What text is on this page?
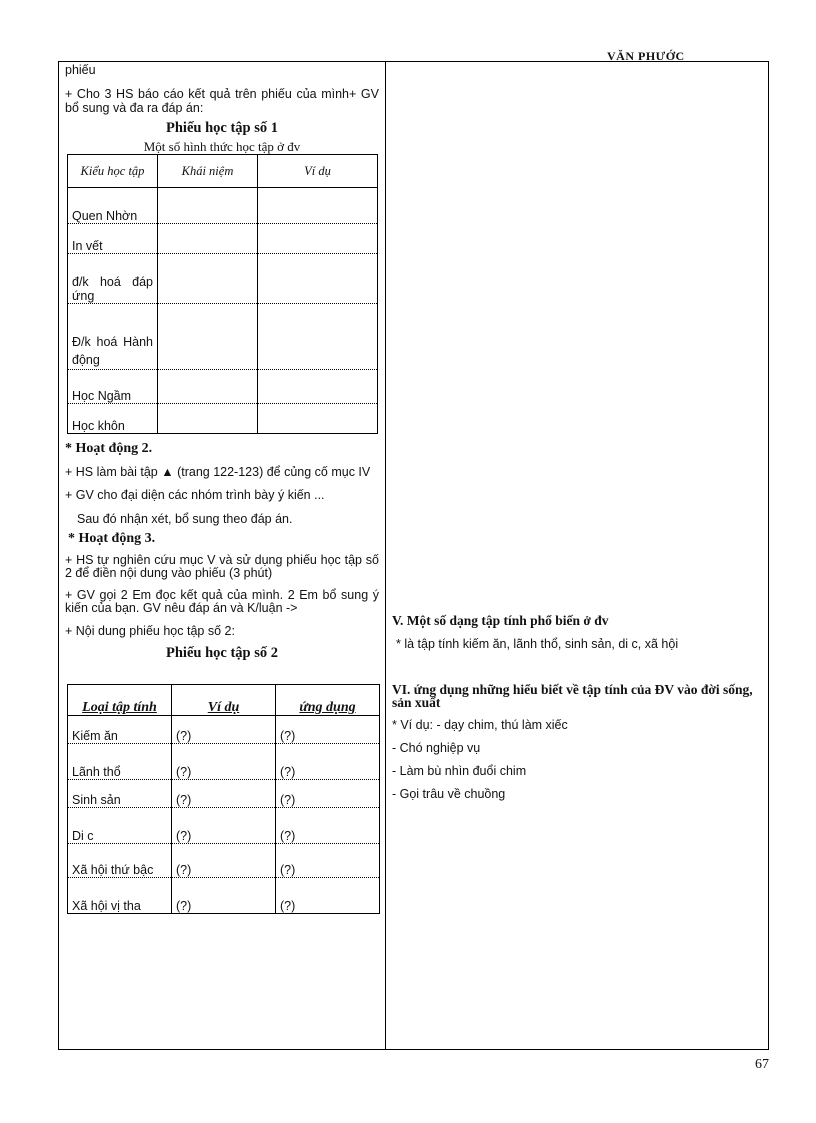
VĂN PHƯỚC

phiếu

+ Cho 3 HS báo cáo kết quả trên phiếu của mình+ GV bổ sung và đa ra đáp án:

Phiếu học tập số 1

Một số hình thức học tập ở đv

Kiểu học tập	Khái niệm	Ví dụ
Quen Nhờn		
In vết		
đ/k hoá đáp ứng		
Đ/k hoá Hành động		
Học Ngầm		
Học khôn		

* Hoạt động 2.

+ HS làm bài tập ▲ (trang 122-123) để củng cố mục IV

+ GV cho đại diện các nhóm trình bày ý kiến ...

Sau đó nhận xét, bổ sung theo đáp án.

* Hoạt động 3.

+ HS tự nghiên cứu mục V và sử dụng phiếu học tập số 2 để điền nội dung vào phiếu (3 phút)

+ GV gọi 2 Em đọc kết quả của mình. 2 Em bổ sung ý kiến của bạn. GV nêu đáp án và K/luận ->

+ Nội dung phiếu học tập số 2:

Phiếu học tập số 2

Loại tập tính	Ví dụ	ứng dụng
Kiếm ăn	(?)	(?)
Lãnh thổ	(?)	(?)
Sinh sản	(?)	(?)
Di c	(?)	(?)
Xã hội thứ bậc	(?)	(?)
Xã hội vị tha	(?)	(?)

V. Một số dạng tập tính phổ biến ở đv

* là tập tính kiếm ăn, lãnh thổ, sinh sản, di c, xã hội

VI. ứng dụng những hiểu biết về tập tính của ĐV vào đời sống, sản xuất

* Ví dụ: - dạy chim, thú làm xiếc

- Chó nghiệp vụ

- Làm bù nhìn đuổi chim

- Gọi trâu về chuồng

67
